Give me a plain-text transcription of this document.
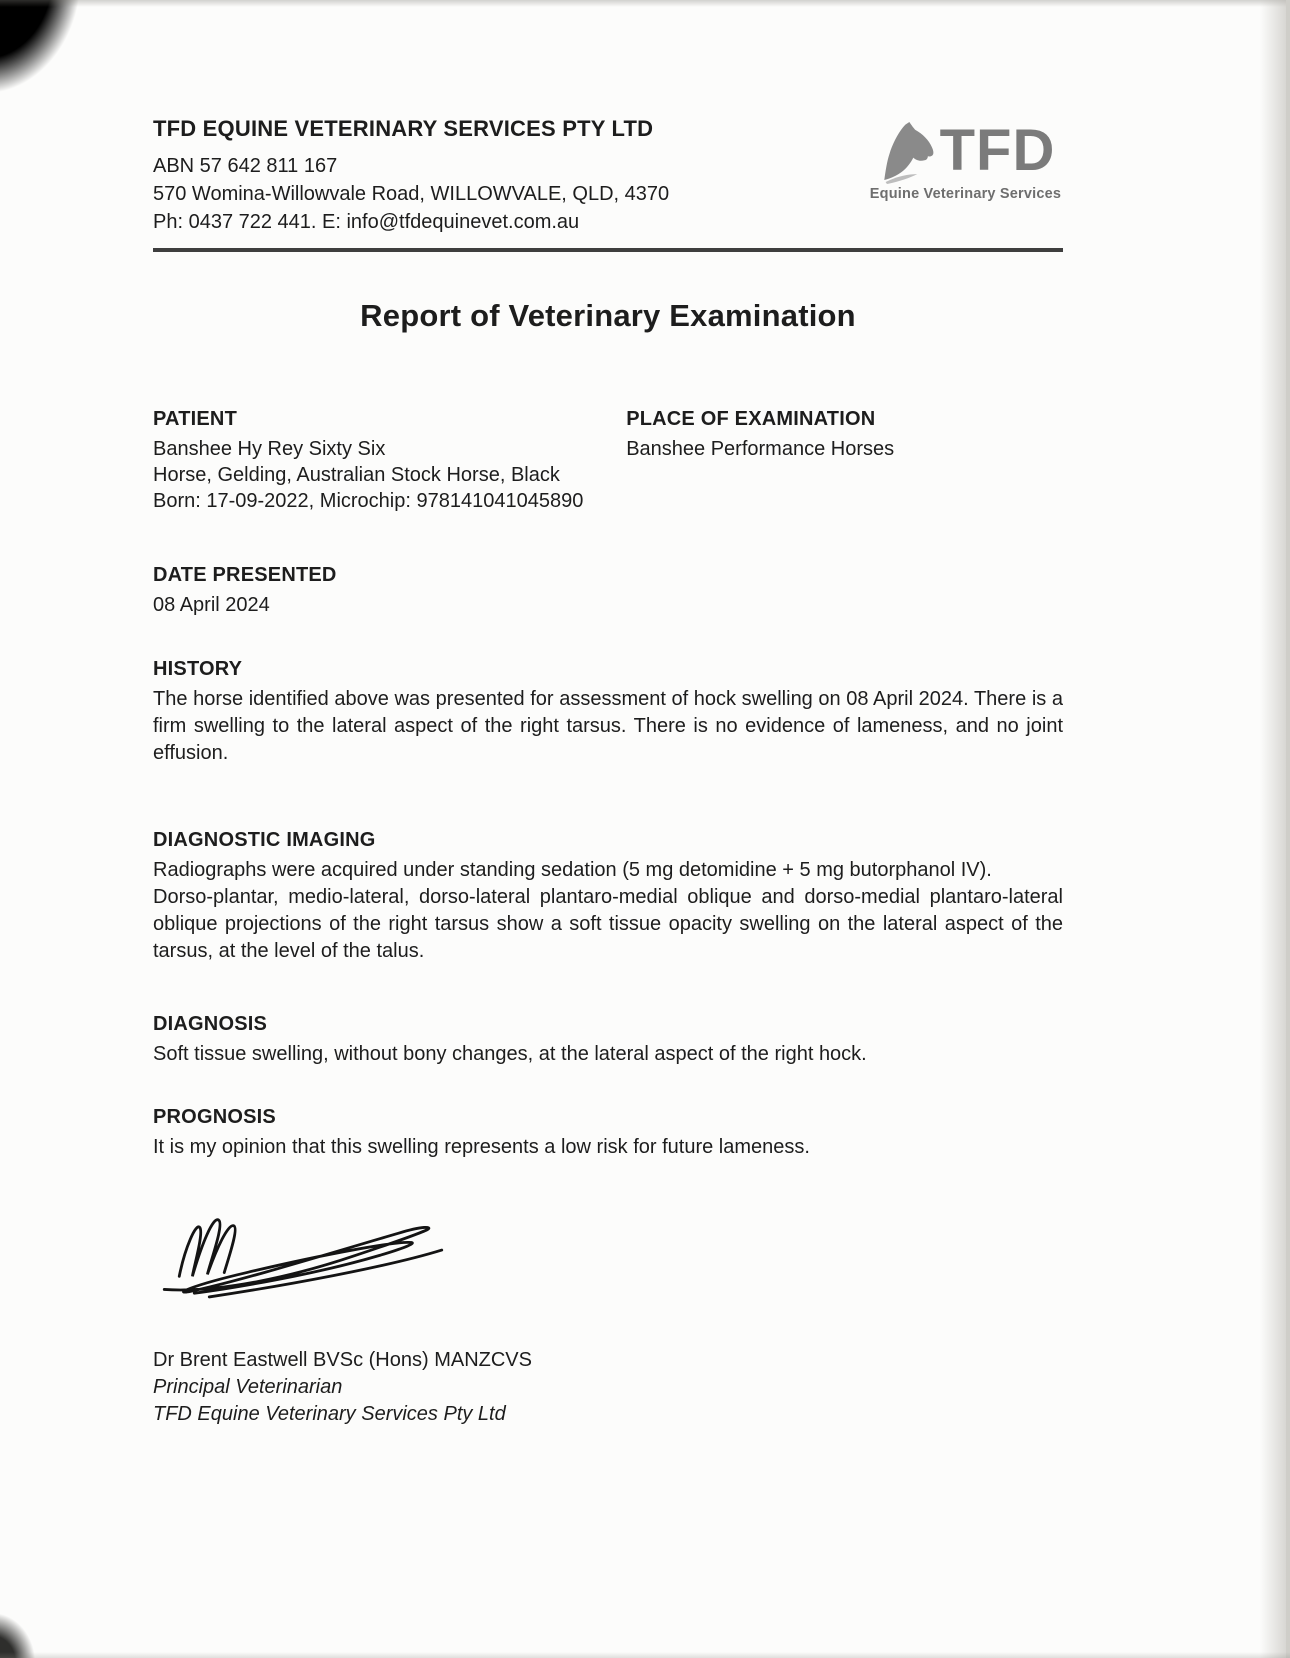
TFD EQUINE VETERINARY SERVICES PTY LTD
ABN 57 642 811 167
570 Womina-Willowvale Road, WILLOWVALE, QLD, 4370
Ph: 0437 722 441. E: info@tfdequinevet.com.au
TFD
Equine Veterinary Services
Report of Veterinary Examination
PATIENT
Banshee Hy Rey Sixty Six
Horse, Gelding, Australian Stock Horse, Black
Born: 17-09-2022, Microchip: 978141041045890
PLACE OF EXAMINATION
Banshee Performance Horses
DATE PRESENTED
08 April 2024
HISTORY

The horse identified above was presented for assessment of hock swelling on 08 April 2024. There is a firm swelling to the lateral aspect of the right tarsus. There is no evidence of lameness, and no joint effusion.

DIAGNOSTIC IMAGING

Radiographs were acquired under standing sedation (5 mg detomidine + 5 mg butorphanol IV).

Dorso-plantar, medio-lateral, dorso-lateral plantaro-medial oblique and dorso-medial plantaro-lateral oblique projections of the right tarsus show a soft tissue opacity swelling on the lateral aspect of the tarsus, at the level of the talus.

DIAGNOSIS

Soft tissue swelling, without bony changes, at the lateral aspect of the right hock.

PROGNOSIS

It is my opinion that this swelling represents a low risk for future lameness.

Dr Brent Eastwell BVSc (Hons) MANZCVS
Principal Veterinarian
TFD Equine Veterinary Services Pty Ltd
